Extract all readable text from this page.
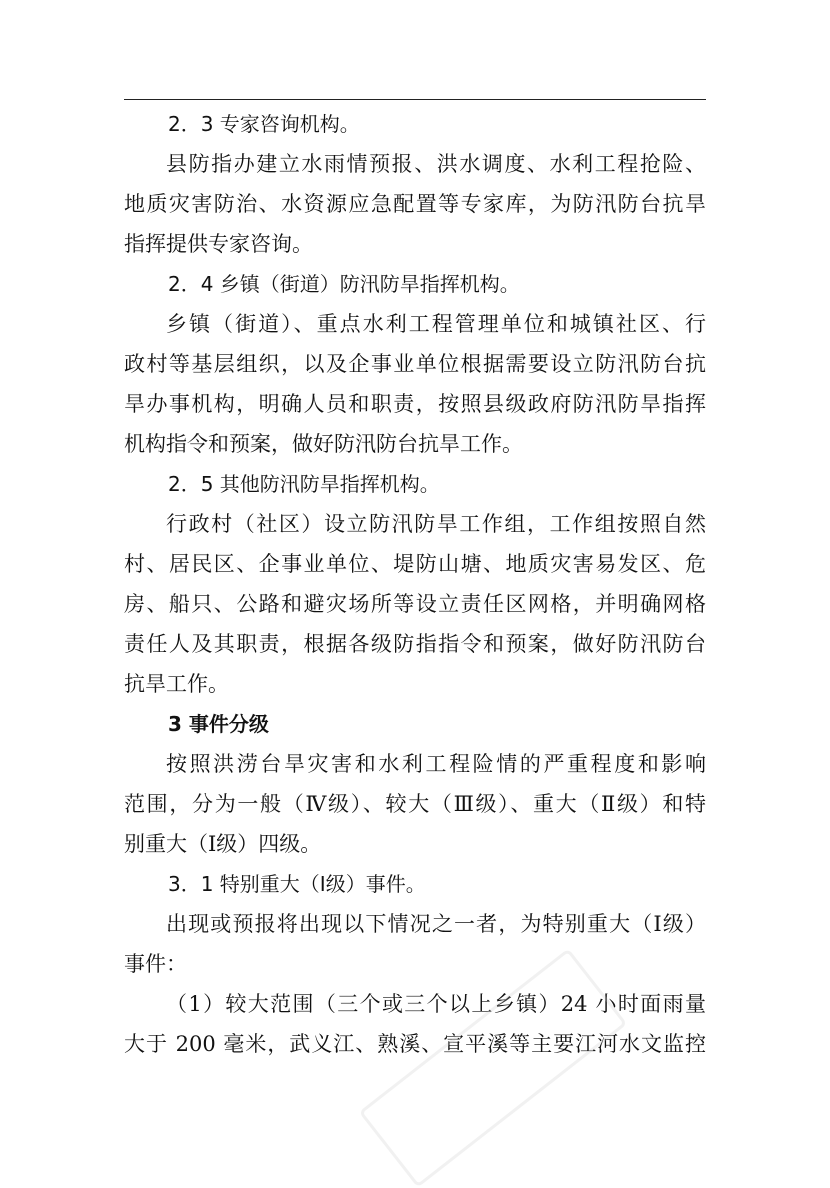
2．3 专家咨询机构。
县防指办建立水雨情预报、洪水调度、水利工程抢险、
地质灾害防治、水资源应急配置等专家库，为防汛防台抗旱
指挥提供专家咨询。
2．4 乡镇（街道）防汛防旱指挥机构。
乡镇（街道）、重点水利工程管理单位和城镇社区、行
政村等基层组织，以及企事业单位根据需要设立防汛防台抗
旱办事机构，明确人员和职责，按照县级政府防汛防旱指挥
机构指令和预案，做好防汛防台抗旱工作。
2．5 其他防汛防旱指挥机构。
行政村（社区）设立防汛防旱工作组，工作组按照自然
村、居民区、企事业单位、堤防山塘、地质灾害易发区、危
房、船只、公路和避灾场所等设立责任区网格，并明确网格
责任人及其职责，根据各级防指指令和预案，做好防汛防台
抗旱工作。
3 事件分级
按照洪涝台旱灾害和水利工程险情的严重程度和影响
范围，分为一般（Ⅳ级）、较大（Ⅲ级）、重大（Ⅱ级）和特
别重大（Ⅰ级）四级。
3．1 特别重大（Ⅰ级）事件。
出现或预报将出现以下情况之一者，为特别重大（Ⅰ级）
事件：
（1）较大范围（三个或三个以上乡镇）24 小时面雨量
大于 200 毫米，武义江、熟溪、宣平溪等主要江河水文监控
